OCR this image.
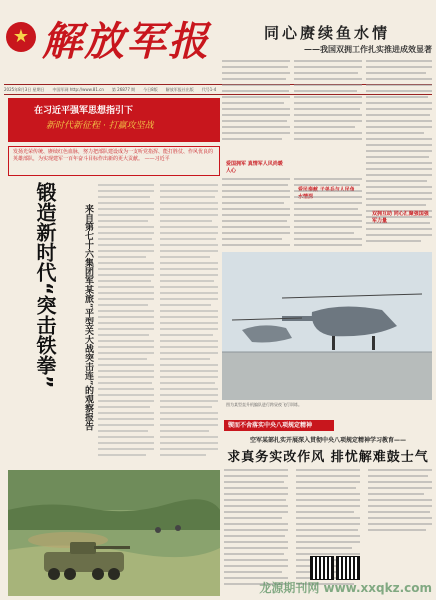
★ 解放军报	同心赓续鱼水情
——我国双拥工作扎实推进成效显著
2025年8月3日 星期日 中国军网 http://www.81.cn 第 26877 期 今日8版 解放军报社出版 代号1-4
爱国拥军 真情军人风尚暖人心
爱民奉献 子弟兵与人民鱼水情深
双拥互助 同心汇聚强国强军力量
在习近平强军思想指引下
新时代新征程 · 打赢攻坚战
发扬光荣传统、赓续红色血脉，努力把部队建设成为一支听党指挥、能打胜仗、作风优良的英雄部队，为实现建军一百年奋斗目标作出新的更大贡献。 ——习近平
锻造新时代“突击铁拳”	来自第七十六集团军某旅“平型关大战突击连”的观察报告	图为某型直升机编队进行跨昼夜飞行训练。
锲而不舍落实中央八项规定精神
空军某部扎实开展深入贯彻中央八项规定精神学习教育——
求真务实改作风 排忧解难鼓士气
龙源期刊网 www.xxqkz.com
